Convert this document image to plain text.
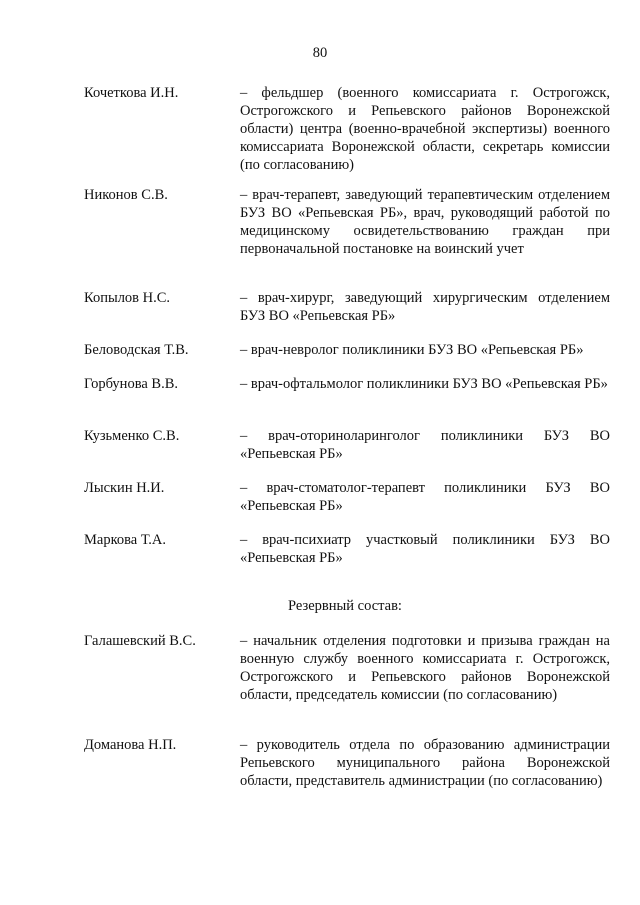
80
Кочеткова И.Н.	– фельдшер (военного комиссариата г. Острогожск, Острогожского и Репьевского районов Воронежской области) центра (военно-врачебной экспертизы) военного комиссариата Воронежской области, секретарь комиссии (по согласованию)
Никонов С.В.	– врач-терапевт, заведующий терапевтическим отделением БУЗ ВО «Репьевская РБ», врач, руководящий работой по медицинскому освидетельствованию граждан при первоначальной постановке на воинский учет
Копылов Н.С.	– врач-хирург, заведующий хирургическим отделением БУЗ ВО «Репьевская РБ»
Беловодская Т.В.	– врач-невролог поликлиники БУЗ ВО «Репьевская РБ»
Горбунова В.В.	– врач-офтальмолог поликлиники БУЗ ВО «Репьевская РБ»
Кузьменко С.В.	– врач-оториноларинголог поликлиники БУЗ ВО «Репьевская РБ»
Лыскин Н.И.	– врач-стоматолог-терапевт поликлиники БУЗ ВО «Репьевская РБ»
Маркова Т.А.	– врач-психиатр участковый поликлиники БУЗ ВО «Репьевская РБ»
Резервный состав:
Галашевский В.С.	– начальник отделения подготовки и призыва граждан на военную службу военного комиссариата г. Острогожск, Острогожского и Репьевского районов Воронежской области, председатель комиссии (по согласованию)
Доманова Н.П.	– руководитель отдела по образованию администрации Репьевского муниципального района Воронежской области, представитель администрации (по согласованию)
